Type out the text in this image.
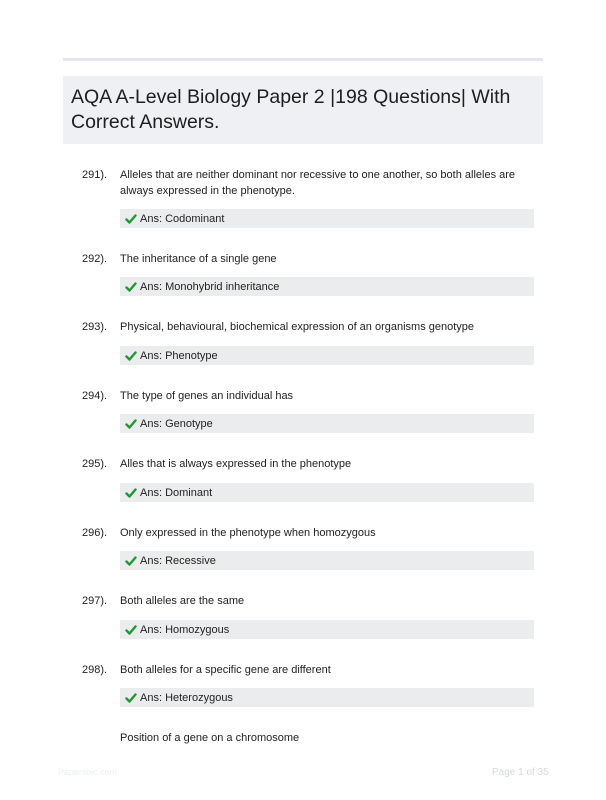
AQA A-Level Biology Paper 2 |198 Questions| With Correct Answers.
291). Alleles that are neither dominant nor recessive to one another, so both alleles are always expressed in the phenotype.
Ans: Codominant
292). The inheritance of a single gene
Ans: Monohybrid inheritance
293). Physical, behavioural, biochemical expression of an organisms genotype
Ans: Phenotype
294). The type of genes an individual has
Ans: Genotype
295). Alles that is always expressed in the phenotype
Ans: Dominant
296). Only expressed in the phenotype when homozygous
Ans: Recessive
297). Both alleles are the same
Ans: Homozygous
298). Both alleles for a specific gene are different
Ans: Heterozygous
Position of a gene on a chromosome
Paperlibic.com	Page 1 of 35
